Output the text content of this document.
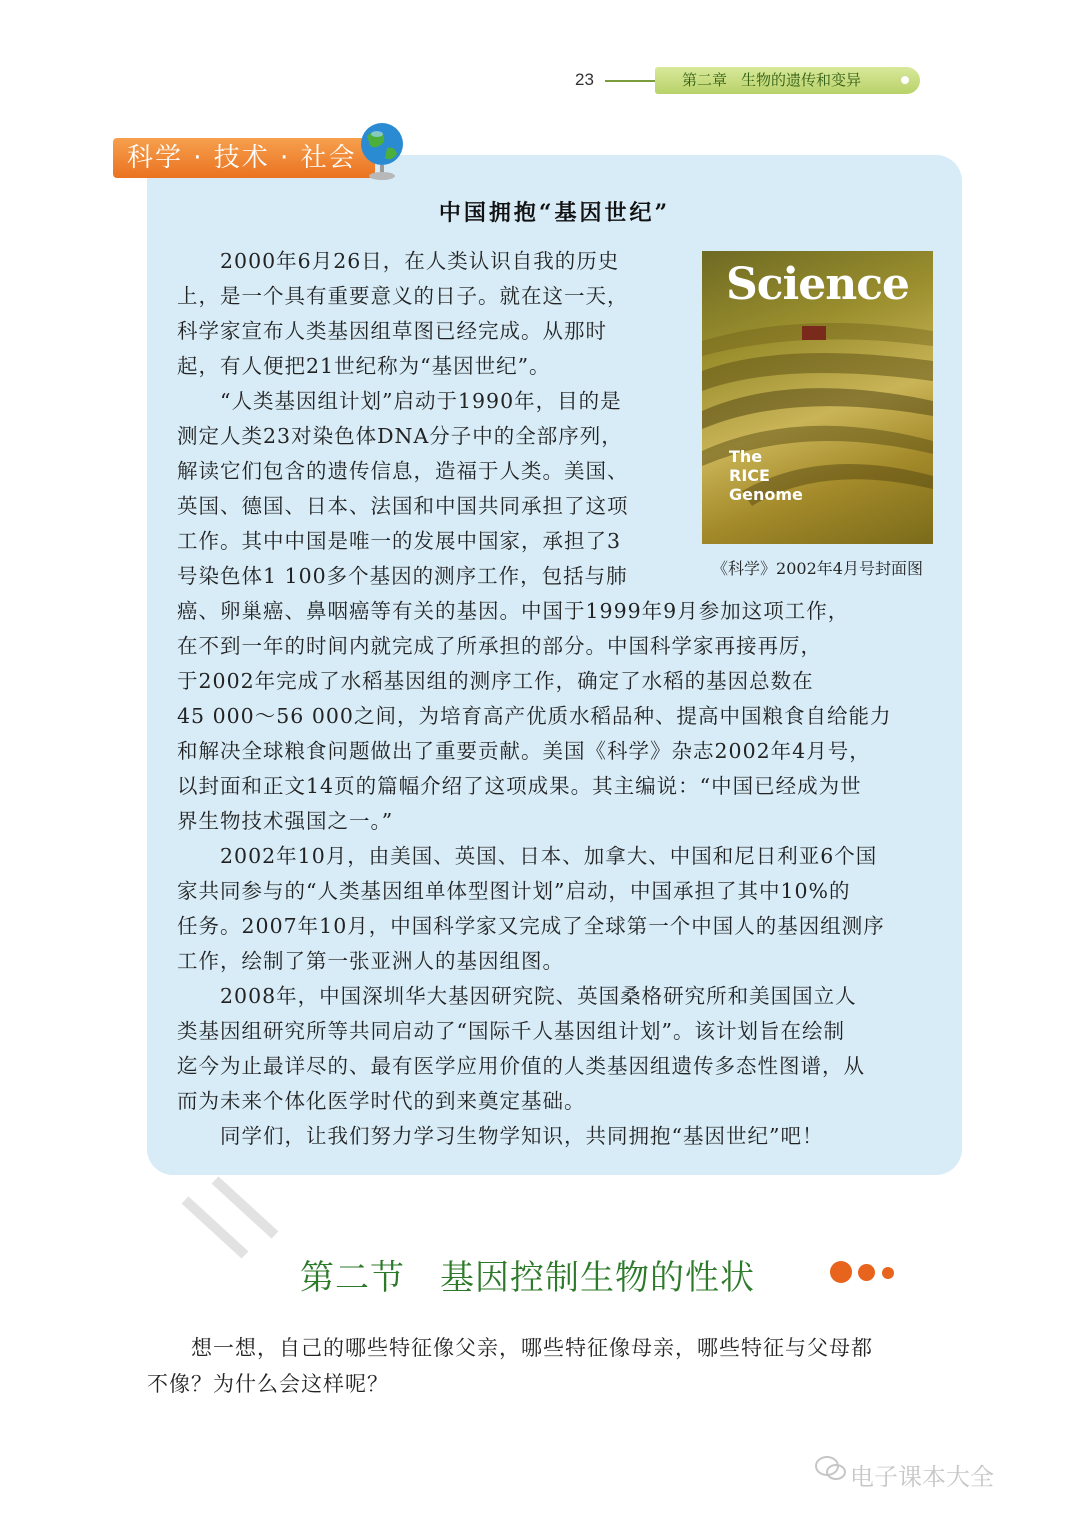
23	第二章 生物的遗传和变异
科学 · 技术 · 社会
中国拥抱“基因世纪”
Science
The
RICE
Genome
《科学》2002年4月号封面图
　　2000年6月26日，在人类认识自我的历史
上，是一个具有重要意义的日子。就在这一天，
科学家宣布人类基因组草图已经完成。从那时
起，有人便把21世纪称为“基因世纪”。
　　“人类基因组计划”启动于1990年，目的是
测定人类23对染色体DNA分子中的全部序列，
解读它们包含的遗传信息，造福于人类。美国、
英国、德国、日本、法国和中国共同承担了这项
工作。其中中国是唯一的发展中国家，承担了3
号染色体1 100多个基因的测序工作，包括与肺
癌、卵巢癌、鼻咽癌等有关的基因。中国于1999年9月参加这项工作，
在不到一年的时间内就完成了所承担的部分。中国科学家再接再厉，
于2002年完成了水稻基因组的测序工作，确定了水稻的基因总数在
45 000～56 000之间，为培育高产优质水稻品种、提高中国粮食自给能力
和解决全球粮食问题做出了重要贡献。美国《科学》杂志2002年4月号，
以封面和正文14页的篇幅介绍了这项成果。其主编说：“中国已经成为世
界生物技术强国之一。”
　　2002年10月，由美国、英国、日本、加拿大、中国和尼日利亚6个国
家共同参与的“人类基因组单体型图计划”启动，中国承担了其中10%的
任务。2007年10月，中国科学家又完成了全球第一个中国人的基因组测序
工作，绘制了第一张亚洲人的基因组图。
　　2008年，中国深圳华大基因研究院、英国桑格研究所和美国国立人
类基因组研究所等共同启动了“国际千人基因组计划”。该计划旨在绘制
迄今为止最详尽的、最有医学应用价值的人类基因组遗传多态性图谱，从
而为未来个体化医学时代的到来奠定基础。
　　同学们，让我们努力学习生物学知识，共同拥抱“基因世纪”吧！
第二节　基因控制生物的性状
　　想一想，自己的哪些特征像父亲，哪些特征像母亲，哪些特征与父母都
不像？为什么会这样呢？
电子课本大全
